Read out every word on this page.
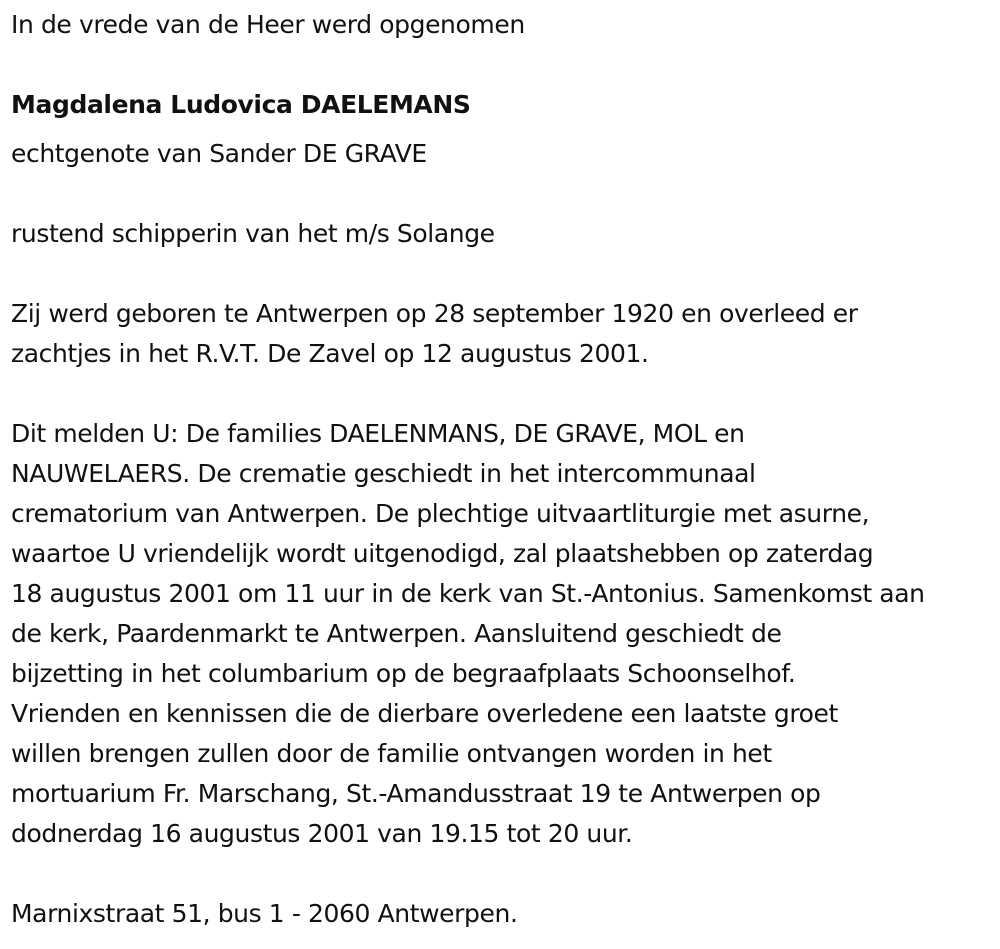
In de vrede van de Heer werd opgenomen
Magdalena Ludovica DAELEMANS
echtgenote van Sander DE GRAVE
rustend schipperin van het m/s Solange
Zij werd geboren te Antwerpen op 28 september 1920 en overleed er
zachtjes in het R.V.T. De Zavel op 12 augustus 2001.
Dit melden U: De families DAELENMANS, DE GRAVE, MOL en
NAUWELAERS. De crematie geschiedt in het intercommunaal
crematorium van Antwerpen. De plechtige uitvaartliturgie met asurne,
waartoe U vriendelijk wordt uitgenodigd, zal plaatshebben op zaterdag
18 augustus 2001 om 11 uur in de kerk van St.-Antonius. Samenkomst aan
de kerk, Paardenmarkt te Antwerpen. Aansluitend geschiedt de
bijzetting in het columbarium op de begraafplaats Schoonselhof.
Vrienden en kennissen die de dierbare overledene een laatste groet
willen brengen zullen door de familie ontvangen worden in het
mortuarium Fr. Marschang, St.-Amandusstraat 19 te Antwerpen op
dodnerdag 16 augustus 2001 van 19.15 tot 20 uur.
Marnixstraat 51, bus 1 - 2060 Antwerpen.
